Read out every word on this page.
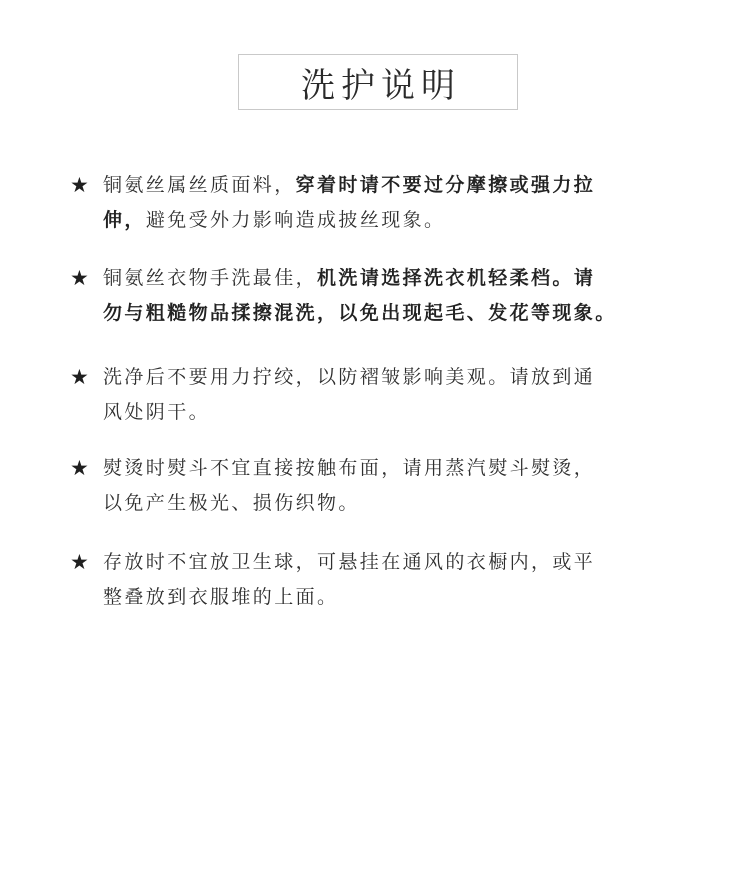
洗护说明
★ 铜氨丝属丝质面料，穿着时请不要过分摩擦或强力拉
伸，避免受外力影响造成披丝现象。
★ 铜氨丝衣物手洗最佳，机洗请选择洗衣机轻柔档。请
勿与粗糙物品揉擦混洗，以免出现起毛、发花等现象。
★ 洗净后不要用力拧绞，以防褶皱影响美观。请放到通
风处阴干。
★ 熨烫时熨斗不宜直接按触布面，请用蒸汽熨斗熨烫，
以免产生极光、损伤织物。
★ 存放时不宜放卫生球，可悬挂在通风的衣橱内，或平
整叠放到衣服堆的上面。
